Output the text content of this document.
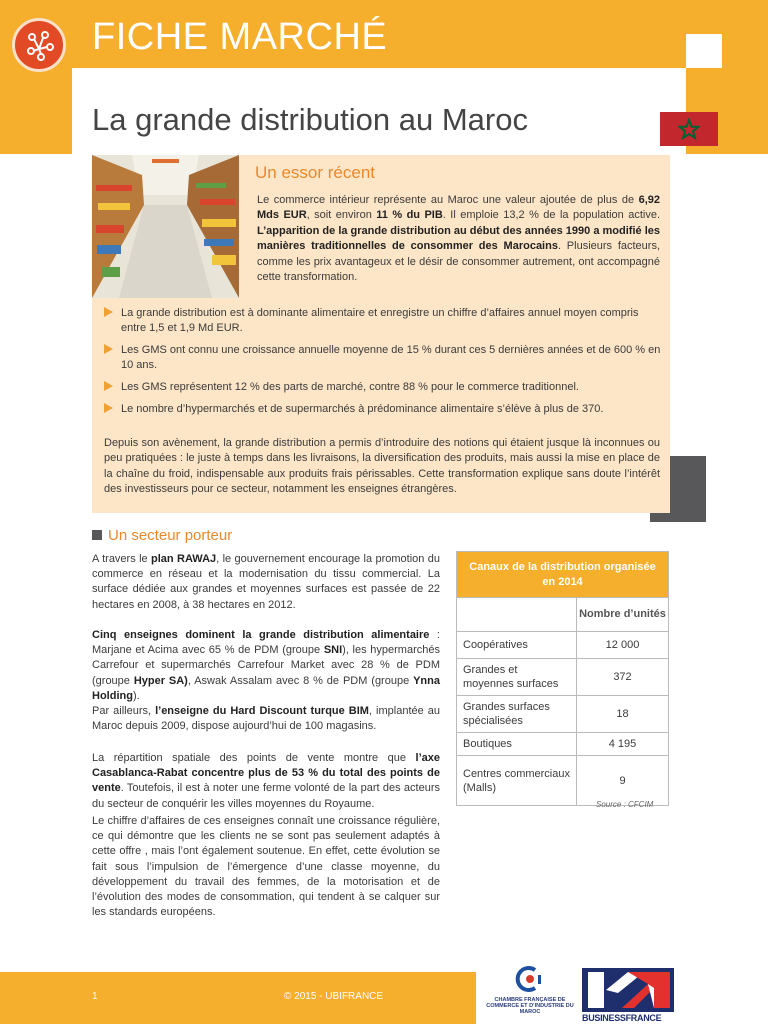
FICHE MARCHÉ
La grande distribution au Maroc
Un essor récent

Le commerce intérieur représente au Maroc une valeur ajoutée de plus de 6,92 Mds EUR, soit environ 11 % du PIB. Il emploie 13,2 % de la population active. L’apparition de la grande distribution au début des années 1990 a modifié les manières traditionnelles de consommer des Marocains. Plusieurs facteurs, comme les prix avantageux et le désir de consommer autrement, ont accompagné cette transformation.

La grande distribution est à dominante alimentaire et enregistre un chiffre d’affaires annuel moyen compris entre 1,5 et 1,9 Md EUR.
Les GMS ont connu une croissance annuelle moyenne de 15 % durant ces 5 dernières années et de 600 % en 10 ans.
Les GMS représentent 12 % des parts de marché, contre 88 % pour le commerce traditionnel.
Le nombre d’hypermarchés et de supermarchés à prédominance alimentaire s’élève à plus de 370.

Depuis son avènement, la grande distribution a permis d’introduire des notions qui étaient jusque là inconnues ou peu pratiquées : le juste à temps dans les livraisons, la diversification des produits, mais aussi la mise en place de la chaîne du froid, indispensable aux produits frais périssables. Cette transformation explique sans doute l’intérêt des investisseurs pour ce secteur, notamment les enseignes étrangères.

Un secteur porteur

A travers le plan RAWAJ, le gouvernement encourage la promotion du commerce en réseau et la modernisation du tissu commercial. La surface dédiée aux grandes et moyennes surfaces est passée de 22 hectares en 2008, à 38 hectares en 2012.

Cinq enseignes dominent la grande distribution alimentaire : Marjane et Acima avec 65 % de PDM (groupe SNI), les hypermarchés Carrefour et supermarchés Carrefour Market avec 28 % de PDM (groupe Hyper SA), Aswak Assalam avec 8 % de PDM (groupe Ynna Holding).

Par ailleurs, l’enseigne du Hard Discount turque BIM, implantée au Maroc depuis 2009, dispose aujourd’hui de 100 magasins.

La répartition spatiale des points de vente montre que l’axe Casablanca-Rabat concentre plus de 53 % du total des points de vente. Toutefois, il est à noter une ferme volonté de la part des acteurs du secteur de conquérir les villes moyennes du Royaume.

Le chiffre d’affaires de ces enseignes connaît une croissance régulière, ce qui démontre que les clients ne se sont pas seulement adaptés à cette offre , mais l’ont également soutenue. En effet, cette évolution se fait sous l’impulsion de l’émergence d’une classe moyenne, du développement du travail des femmes, de la motorisation et de l’évolution des modes de consommation, qui tendent à se calquer sur les standards européens.

Canaux de la distribution organisée en 2014	
	Nombre d’unités
Coopératives	12 000
Grandes et moyennes surfaces	372
Grandes surfaces spécialisées	18
Boutiques	4 195
Centres commerciaux (Malls)	9
Source : CFCIM
1	© 2015 - UBIFRANCE	CHAMBRE FRANÇAISE DE COMMERCE ET D’INDUSTRIE DU MAROC
BUSINESSFRANCE
